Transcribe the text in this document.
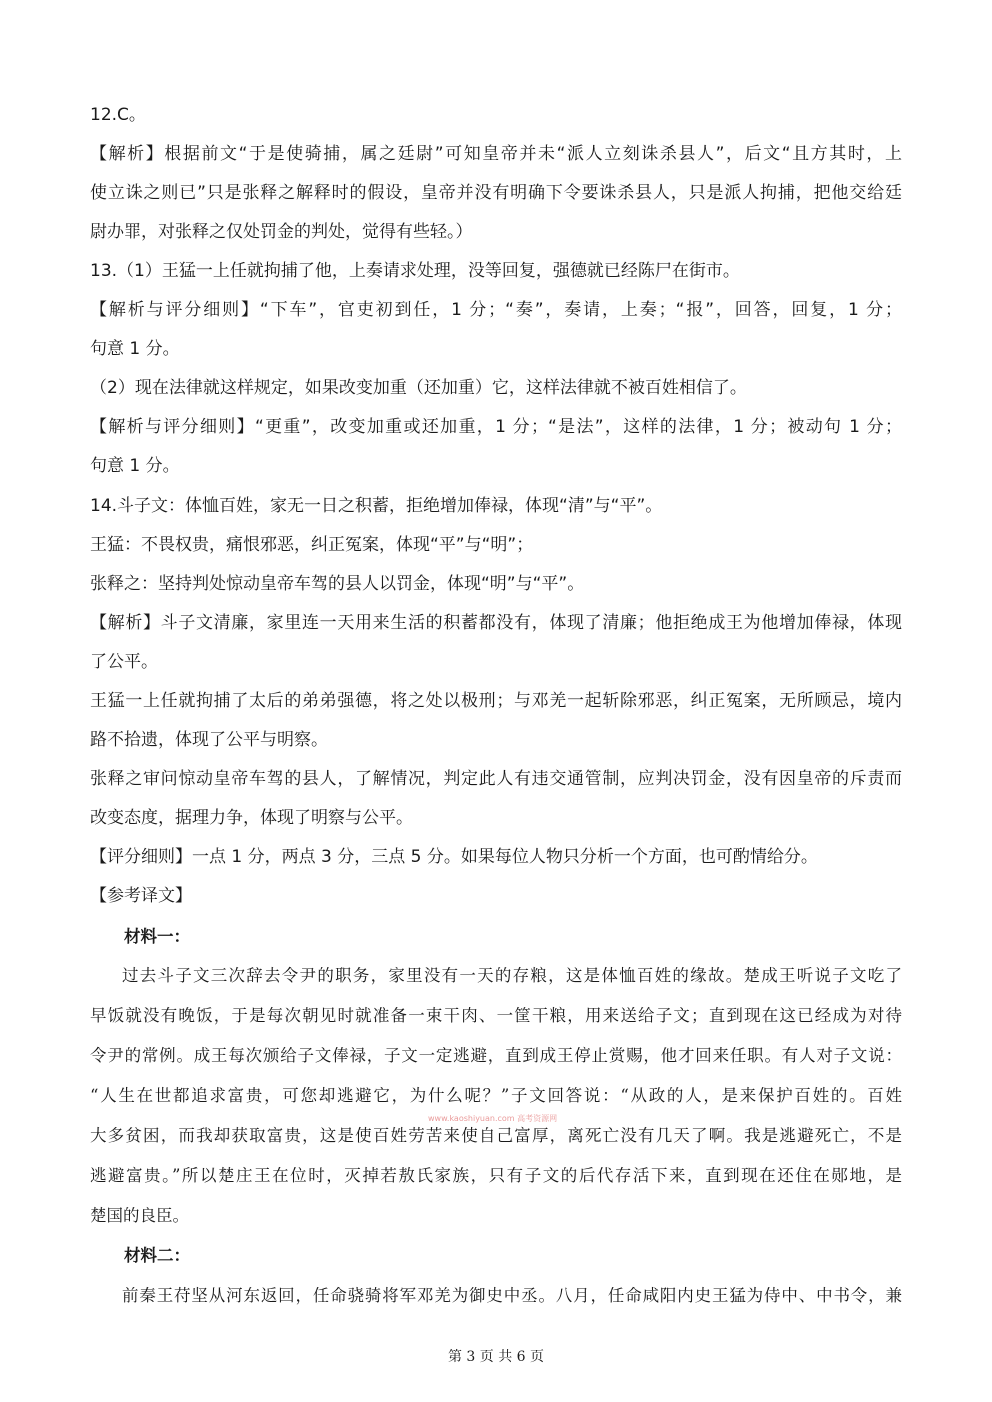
12.C。
【解析】根据前文“于是使骑捕，属之廷尉”可知皇帝并未“派人立刻诛杀县人”，后文“且方其时，上
使立诛之则已”只是张释之解释时的假设，皇帝并没有明确下令要诛杀县人，只是派人拘捕，把他交给廷
尉办罪，对张释之仅处罚金的判处，觉得有些轻。）
13.（1）王猛一上任就拘捕了他，上奏请求处理，没等回复，强德就已经陈尸在街市。
【解析与评分细则】“下车”，官吏初到任，1 分；“奏”，奏请，上奏；“报”，回答，回复，1 分；
句意 1 分。
（2）现在法律就这样规定，如果改变加重（还加重）它，这样法律就不被百姓相信了。
【解析与评分细则】“更重”，改变加重或还加重，1 分；“是法”，这样的法律，1 分；被动句 1 分；
句意 1 分。
14.斗子文：体恤百姓，家无一日之积蓄，拒绝增加俸禄，体现“清”与“平”。
王猛：不畏权贵，痛恨邪恶，纠正冤案，体现“平”与“明”；
张释之：坚持判处惊动皇帝车驾的县人以罚金，体现“明”与“平”。
【解析】斗子文清廉，家里连一天用来生活的积蓄都没有，体现了清廉；他拒绝成王为他增加俸禄，体现
了公平。
王猛一上任就拘捕了太后的弟弟强德，将之处以极刑；与邓羌一起斩除邪恶，纠正冤案，无所顾忌，境内
路不拾遗，体现了公平与明察。
张释之审问惊动皇帝车驾的县人，了解情况，判定此人有违交通管制，应判决罚金，没有因皇帝的斥责而
改变态度，据理力争，体现了明察与公平。
【评分细则】一点 1 分，两点 3 分，三点 5 分。如果每位人物只分析一个方面，也可酌情给分。
【参考译文】
材料一：
过去斗子文三次辞去令尹的职务，家里没有一天的存粮，这是体恤百姓的缘故。楚成王听说子文吃了
早饭就没有晚饭，于是每次朝见时就准备一束干肉、一筐干粮，用来送给子文；直到现在这已经成为对待
令尹的常例。成王每次颁给子文俸禄，子文一定逃避，直到成王停止赏赐，他才回来任职。有人对子文说：
“人生在世都追求富贵，可您却逃避它，为什么呢？”子文回答说：“从政的人，是来保护百姓的。百姓
大多贫困，而我却获取富贵，这是使百姓劳苦来使自己富厚，离死亡没有几天了啊。我是逃避死亡，不是
逃避富贵。”所以楚庄王在位时，灭掉若敖氏家族，只有子文的后代存活下来，直到现在还住在郧地，是
楚国的良臣。
材料二：
前秦王苻坚从河东返回，任命骁骑将军邓羌为御史中丞。八月，任命咸阳内史王猛为侍中、中书令，兼
www.kaoshiyuan.com 高考资源网
第 3 页 共 6 页
